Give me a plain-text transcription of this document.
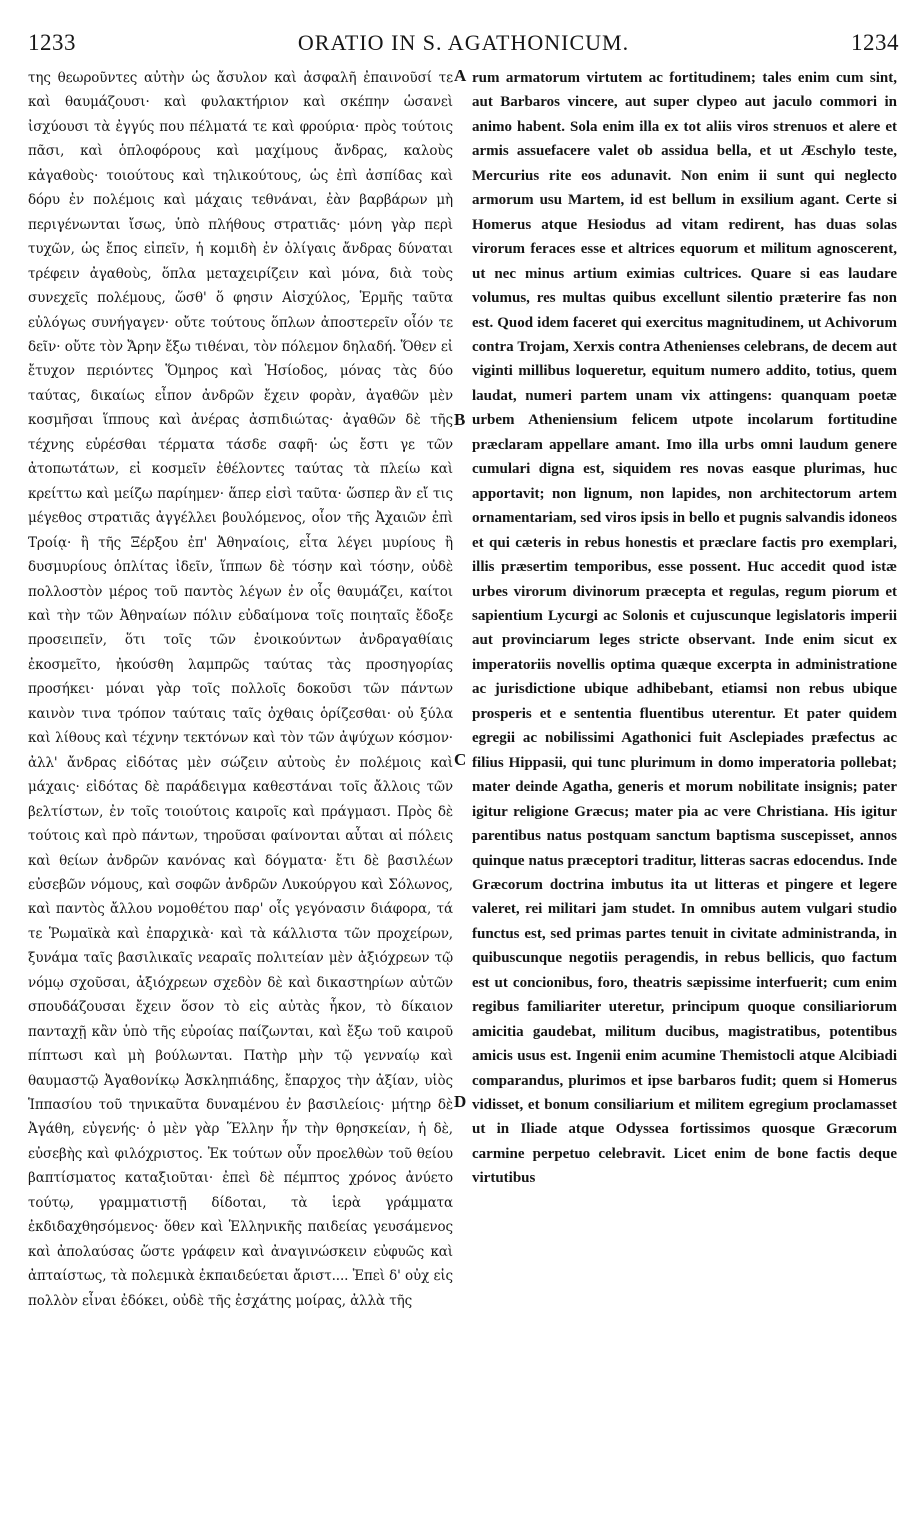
1233	ORATIO IN S. AGATHONICUM.	1234

της θεωροῦντες αὐτὴν ὡς ἄσυλον καὶ ἀσφαλῆ ἐπαινοῦσί τε καὶ θαυμάζουσι· καὶ φυλακτήριον καὶ σκέπην ὡσανεὶ ἰσχύουσι τὰ ἐγγύς που πέλματά τε καὶ φρούρια· πρὸς τούτοις πᾶσι, καὶ ὁπλοφόρους καὶ μαχίμους ἄνδρας, καλοὺς κἀγαθοὺς· τοιούτους καὶ τηλικούτους, ὡς ἐπὶ ἀσπίδας καὶ δόρυ ἐν πολέμοις καὶ μάχαις τεθνάναι, ἐὰν βαρβάρων μὴ περιγένωνται ἴσως, ὑπὸ πλήθους στρατιᾶς· μόνη γὰρ περὶ τυχῶν, ὡς ἔπος εἰπεῖν, ἡ κομιδὴ ἐν ὀλίγαις ἄνδρας δύναται τρέφειν ἀγαθοὺς, ὅπλα μεταχειρίζειν καὶ μόνα, διὰ τοὺς συνεχεῖς πολέμους, ὥσθ' ὅ φησιν Αἰσχύλος, Ἑρμῆς ταῦτα εὐλόγως συνήγαγεν· οὔτε τούτους ὅπλων ἀποστερεῖν οἷόν τε δεῖν· οὔτε τὸν Ἄρην ἔξω τιθέναι, τὸν πόλεμον δηλαδή. Ὅθεν εἰ ἔτυχον περιόντες Ὅμηρος καὶ Ἡσίοδος, μόνας τὰς δύο ταύτας, δικαίως εἶπον ἀνδρῶν ἔχειν φορὰν, ἀγαθῶν μὲν κοσμῆσαι ἵππους καὶ ἀνέρας ἀσπιδιώτας· ἀγαθῶν δὲ τῆς τέχνης εὑρέσθαι τέρματα τάσδε σαφῆ· ὡς ἔστι γε τῶν ἀτοπωτάτων, εἰ κοσμεῖν ἐθέλοντες ταύτας τὰ πλείω καὶ κρείττω καὶ μείζω παρίημεν· ἅπερ εἰσὶ ταῦτα· ὥσπερ ἂν εἴ τις μέγεθος στρατιᾶς ἀγγέλλει βουλόμενος, οἷον τῆς Ἀχαιῶν ἐπὶ Τροίᾳ· ἢ τῆς Ξέρξου ἐπ' Ἀθηναίοις, εἶτα λέγει μυρίους ἢ δυσμυρίους ὁπλίτας ἰδεῖν, ἵππων δὲ τόσην καὶ τόσην, οὐδὲ πολλοστὸν μέρος τοῦ παντὸς λέγων ἐν οἷς θαυμάζει, καίτοι καὶ τὴν τῶν Ἀθηναίων πόλιν εὐδαίμονα τοῖς ποιηταῖς ἔδοξε προσειπεῖν, ὅτι τοῖς τῶν ἐνοικούντων ἀνδραγαθίαις ἐκοσμεῖτο, ἠκούσθη λαμπρῶς ταύτας τὰς προσηγορίας προσήκει· μόναι γὰρ τοῖς πολλοῖς δοκοῦσι τῶν πάντων καινὸν τινα τρόπον ταύταις ταῖς ὀχθαις ὁρίζεσθαι· οὐ ξύλα καὶ λίθους καὶ τέχνην τεκτόνων καὶ τὸν τῶν ἀψύχων κόσμον· ἀλλ' ἄνδρας εἰδότας μὲν σώζειν αὐτοὺς ἐν πολέμοις καὶ μάχαις· εἰδότας δὲ παράδειγμα καθεστάναι τοῖς ἄλλοις τῶν βελτίστων, ἐν τοῖς τοιούτοις καιροῖς καὶ πράγμασι. Πρὸς δὲ τούτοις καὶ πρὸ πάντων, τηροῦσαι φαίνονται αὗται αἱ πόλεις καὶ θείων ἀνδρῶν κανόνας καὶ δόγματα· ἔτι δὲ βασιλέων εὐσεβῶν νόμους, καὶ σοφῶν ἀνδρῶν Λυκούργου καὶ Σόλωνος, καὶ παντὸς ἄλλου νομοθέτου παρ' οἷς γεγόνασιν διάφορα, τά τε Ῥωμαϊκὰ καὶ ἐπαρχικὰ· καὶ τὰ κάλλιστα τῶν προχείρων, ξυνάμα ταῖς βασιλικαῖς νεαραῖς πολιτείαν μὲν ἀξιόχρεων τῷ νόμῳ σχοῦσαι, ἀξιόχρεων σχεδὸν δὲ καὶ δικαστηρίων αὐτῶν σπουδάζουσαι ἔχειν ὅσον τὸ εἰς αὐτὰς ἧκον, τὸ δίκαιον πανταχῇ κἂν ὑπὸ τῆς εὐροίας παίζωνται, καὶ ἔξω τοῦ καιροῦ πίπτωσι καὶ μὴ βούλωνται. Πατὴρ μὴν τῷ γενναίῳ καὶ θαυμαστῷ Ἀγαθονίκῳ Ἀσκληπιάδης, ἔπαρχος τὴν ἀξίαν, υἱὸς Ἱππασίου τοῦ τηνικαῦτα δυναμένου ἐν βασιλείοις· μήτηρ δὲ Ἀγάθη, εὐγενής· ὁ μὲν γὰρ Ἕλλην ἦν τὴν θρησκείαν, ἡ δὲ, εὐσεβὴς καὶ φιλόχριστος. Ἐκ τούτων οὖν προελθὼν τοῦ θείου βαπτίσματος καταξιοῦται· ἐπεὶ δὲ πέμπτος χρόνος ἀνύετο τούτῳ, γραμματιστῇ δίδοται, τὰ ἱερὰ γράμματα ἐκδιδαχθησόμενος· ὅθεν καὶ Ἑλληνικῆς παιδείας γευσάμενος καὶ ἀπολαύσας ὥστε γράφειν καὶ ἀναγινώσκειν εὐφυῶς καὶ ἀπταίστως, τὰ πολεμικὰ ἐκπαιδεύεται ἄριστ.... Ἐπεὶ δ' οὐχ εἰς πολλὸν εἶναι ἐδόκει, οὐδὲ τῆς ἐσχάτης μοίρας, ἀλλὰ τῆς

A
B
C
D

rum armatorum virtutem ac fortitudinem; tales enim cum sint, aut Barbaros vincere, aut super clypeo aut jaculo commori in animo habent. Sola enim illa ex tot aliis viros strenuos et alere et armis assuefacere valet ob assidua bella, et ut Æschylo teste, Mercurius rite eos adunavit. Non enim ii sunt qui neglecto armorum usu Martem, id est bellum in exsilium agant. Certe si Homerus atque Hesiodus ad vitam redirent, has duas solas virorum feraces esse et altrices equorum et militum agnoscerent, ut nec minus artium eximias cultrices. Quare si eas laudare volumus, res multas quibus excellunt silentio præterire fas non est. Quod idem faceret qui exercitus magnitudinem, ut Achivorum contra Trojam, Xerxis contra Athenienses celebrans, de decem aut viginti millibus loqueretur, equitum numero addito, totius, quem laudat, numeri partem unam vix attingens: quanquam poetæ urbem Atheniensium felicem utpote incolarum fortitudine præclaram appellare amant. Imo illa urbs omni laudum genere cumulari digna est, siquidem res novas easque plurimas, huc apportavit; non lignum, non lapides, non architectorum artem ornamentariam, sed viros ipsis in bello et pugnis salvandis idoneos et qui cæteris in rebus honestis et præclare factis pro exemplari, illis præsertim temporibus, esse possent. Huc accedit quod istæ urbes virorum divinorum præcepta et regulas, regum piorum et sapientium Lycurgi ac Solonis et cujuscunque legislatoris imperii aut provinciarum leges stricte observant. Inde enim sicut ex imperatoriis novellis optima quæque excerpta in administratione ac jurisdictione ubique adhibebant, etiamsi non rebus ubique prosperis et e sententia fluentibus uterentur. Et pater quidem egregii ac nobilissimi Agathonici fuit Asclepiades præfectus ac filius Hippasii, qui tunc plurimum in domo imperatoria pollebat; mater deinde Agatha, generis et morum nobilitate insignis; pater igitur religione Græcus; mater pia ac vere Christiana. His igitur parentibus natus postquam sanctum baptisma suscepisset, annos quinque natus præceptori traditur, litteras sacras edocendus. Inde Græcorum doctrina imbutus ita ut litteras et pingere et legere valeret, rei militari jam studet. In omnibus autem vulgari studio functus est, sed primas partes tenuit in civitate administranda, in quibuscunque negotiis peragendis, in rebus bellicis, quo factum est ut concionibus, foro, theatris sæpissime interfuerit; cum enim regibus familiariter uteretur, principum quoque consiliariorum amicitia gaudebat, militum ducibus, magistratibus, potentibus amicis usus est. Ingenii enim acumine Themistocli atque Alcibiadi comparandus, plurimos et ipse barbaros fudit; quem si Homerus vidisset, et bonum consiliarium et militem egregium proclamasset ut in Iliade atque Odyssea fortissimos quosque Græcorum carmine perpetuo celebravit. Licet enim de bone factis deque virtutibus
